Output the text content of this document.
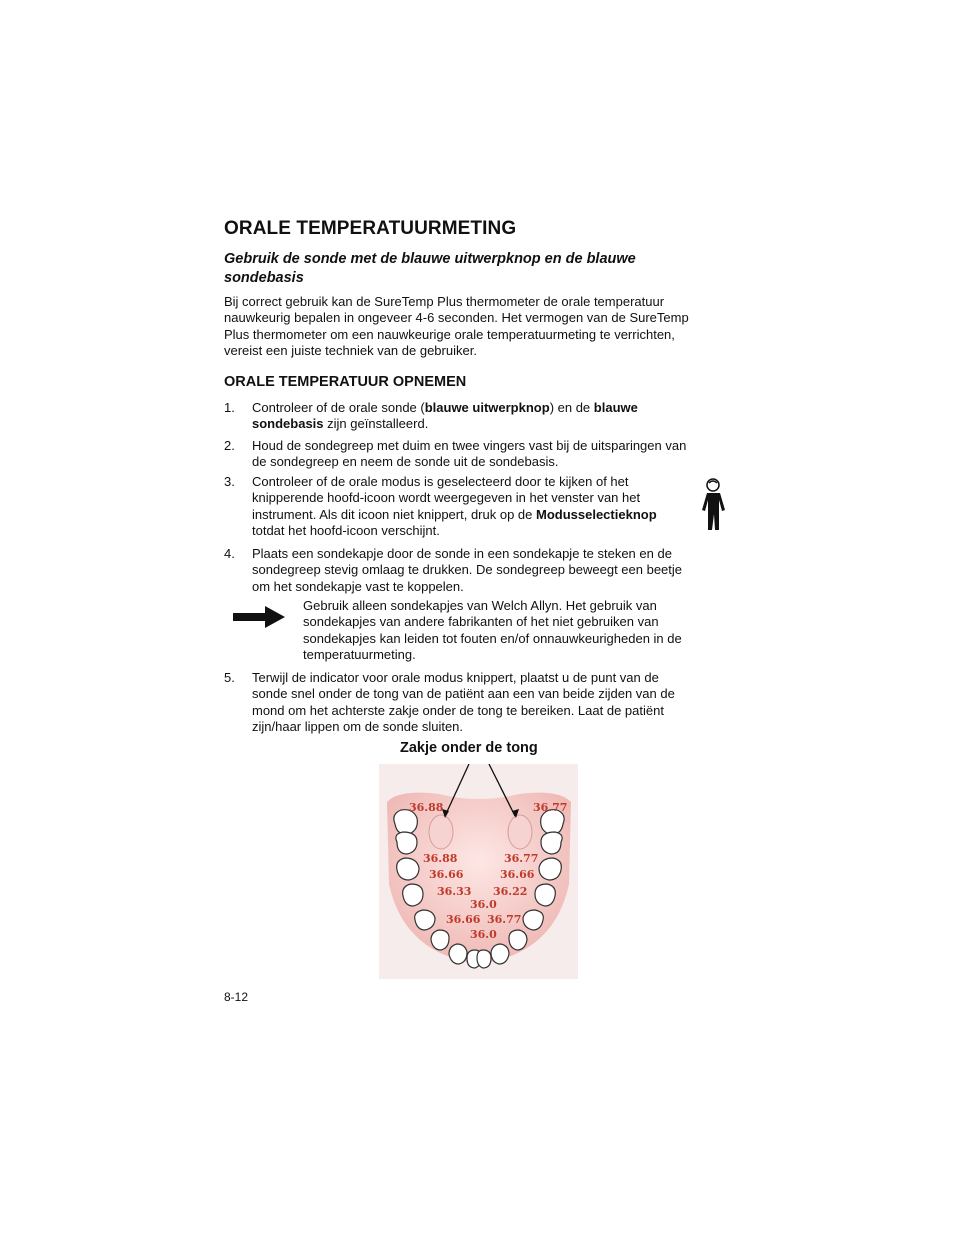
ORALE TEMPERATUURMETING
Gebruik de sonde met de blauwe uitwerpknop en de blauwe sondebasis
Bij correct gebruik kan de SureTemp Plus thermometer de orale temperatuur
nauwkeurig bepalen in ongeveer 4-6 seconden. Het vermogen van de SureTemp
Plus thermometer om een nauwkeurige orale temperatuurmeting te verrichten,
vereist een juiste techniek van de gebruiker.
ORALE TEMPERATUUR OPNEMEN
1. Controleer of de orale sonde (blauwe uitwerpknop) en de blauwe
sondebasis zijn geïnstalleerd.
2. Houd de sondegreep met duim en twee vingers vast bij de uitsparingen van
de sondegreep en neem de sonde uit de sondebasis.
3. Controleer of de orale modus is geselecteerd door te kijken of het
knipperende hoofd-icoon wordt weergegeven in het venster van het
instrument. Als dit icoon niet knippert, druk op de Modusselectieknop
totdat het hoofd-icoon verschijnt.
4. Plaats een sondekapje door de sonde in een sondekapje te steken en de
sondegreep stevig omlaag te drukken. De sondegreep beweegt een beetje
om het sondekapje vast te koppelen.
Gebruik alleen sondekapjes van Welch Allyn. Het gebruik van
sondekapjes van andere fabrikanten of het niet gebruiken van
sondekapjes kan leiden tot fouten en/of onnauwkeurigheden in de
temperatuurmeting.
5. Terwijl de indicator voor orale modus knippert, plaatst u de punt van de
sonde snel onder de tong van de patiënt aan een van beide zijden van de
mond om het achterste zakje onder de tong te bereiken. Laat de patiënt
zijn/haar lippen om de sonde sluiten.
Zakje onder de tong
36.88	36.77
36.88	36.77
36.66	36.66
36.33 36.22
36.0
36.66 36.77
36.0
8-12
